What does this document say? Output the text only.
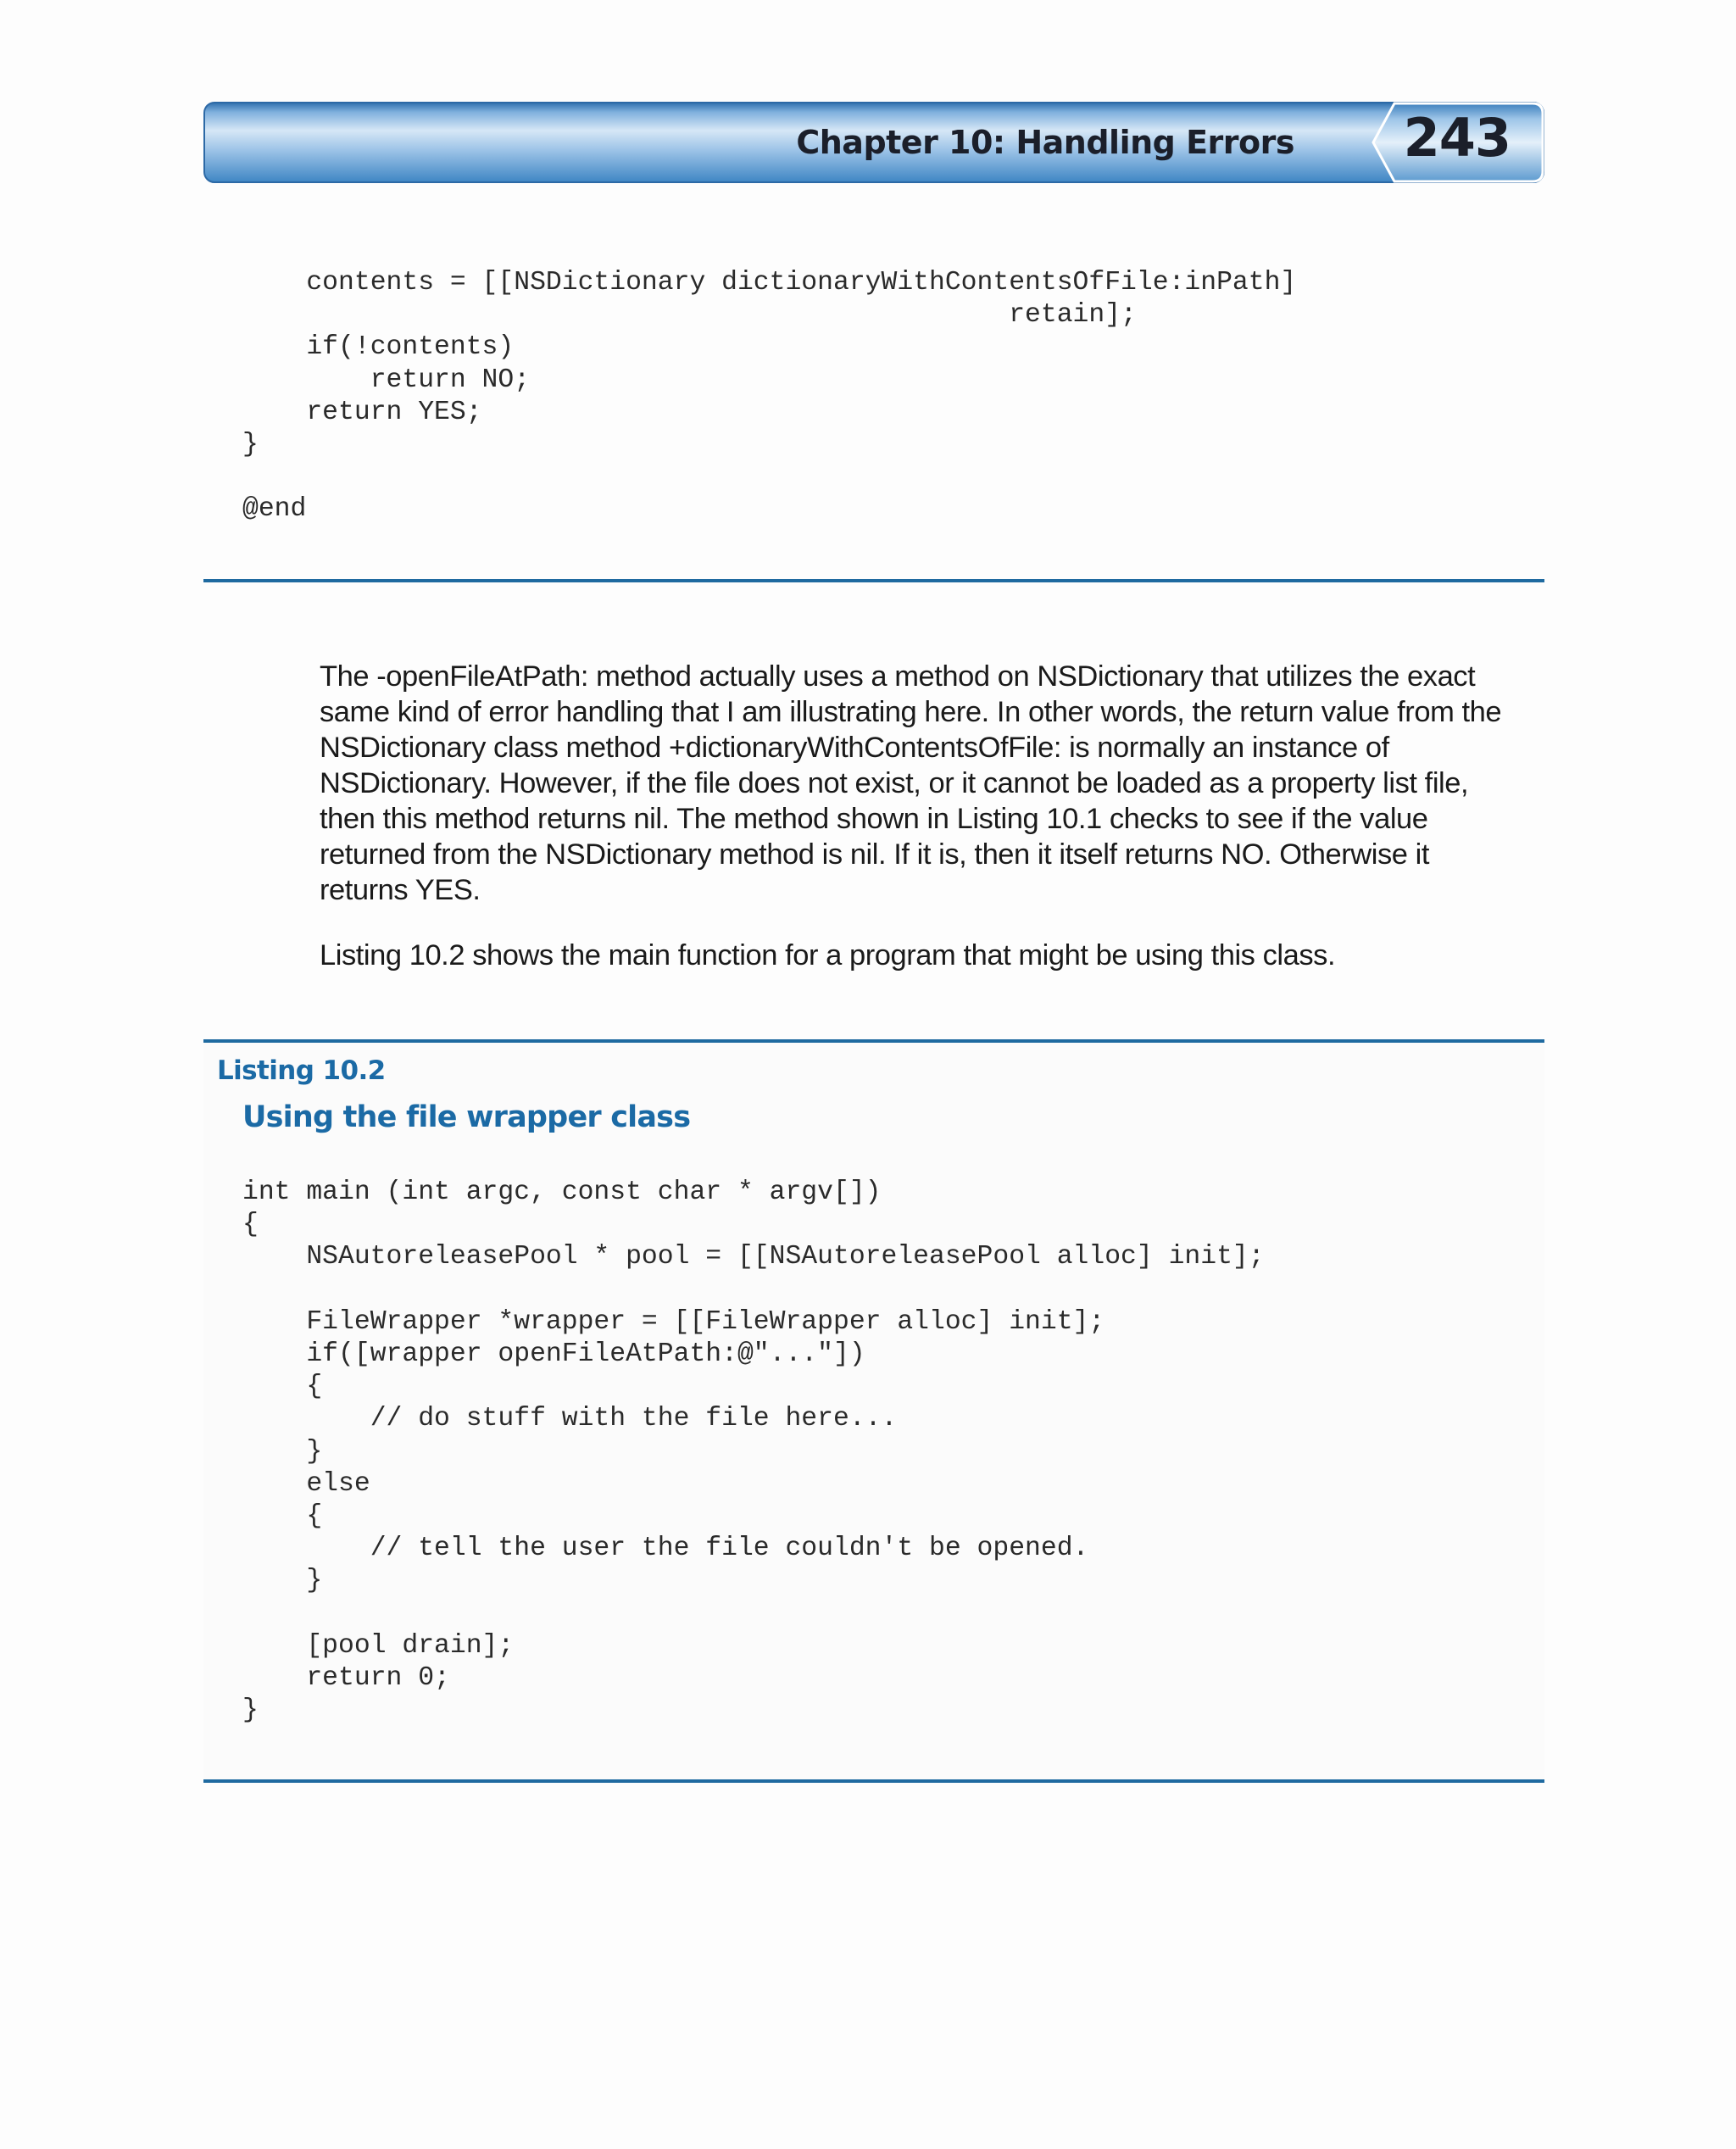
Chapter 10: Handling Errors 243
contents = [[NSDictionary dictionaryWithContentsOfFile:inPath]
retain];
if(!contents)
return NO;
return YES;
}

@end

The -openFileAtPath: method actually uses a method on NSDictionary that utilizes the exact same kind of error handling that I am illustrating here. In other words, the return value from the NSDictionary class method +dictionaryWithContentsOfFile: is normally an instance of NSDictionary. However, if the file does not exist, or it cannot be loaded as a property list file, then this method returns nil. The method shown in Listing 10.1 checks to see if the value returned from the NSDictionary method is nil. If it is, then it itself returns NO. Otherwise it returns YES.

Listing 10.2 shows the main function for a program that might be using this class.

Listing 10.2
Using the file wrapper class
int main (int argc, const char * argv[])
{
NSAutoreleasePool * pool = [[NSAutoreleasePool alloc] init];

FileWrapper *wrapper = [[FileWrapper alloc] init];
if([wrapper openFileAtPath:@"..."])
{
// do stuff with the file here...
}
else
{
// tell the user the file couldn't be opened.
}

[pool drain];
return 0;
}
